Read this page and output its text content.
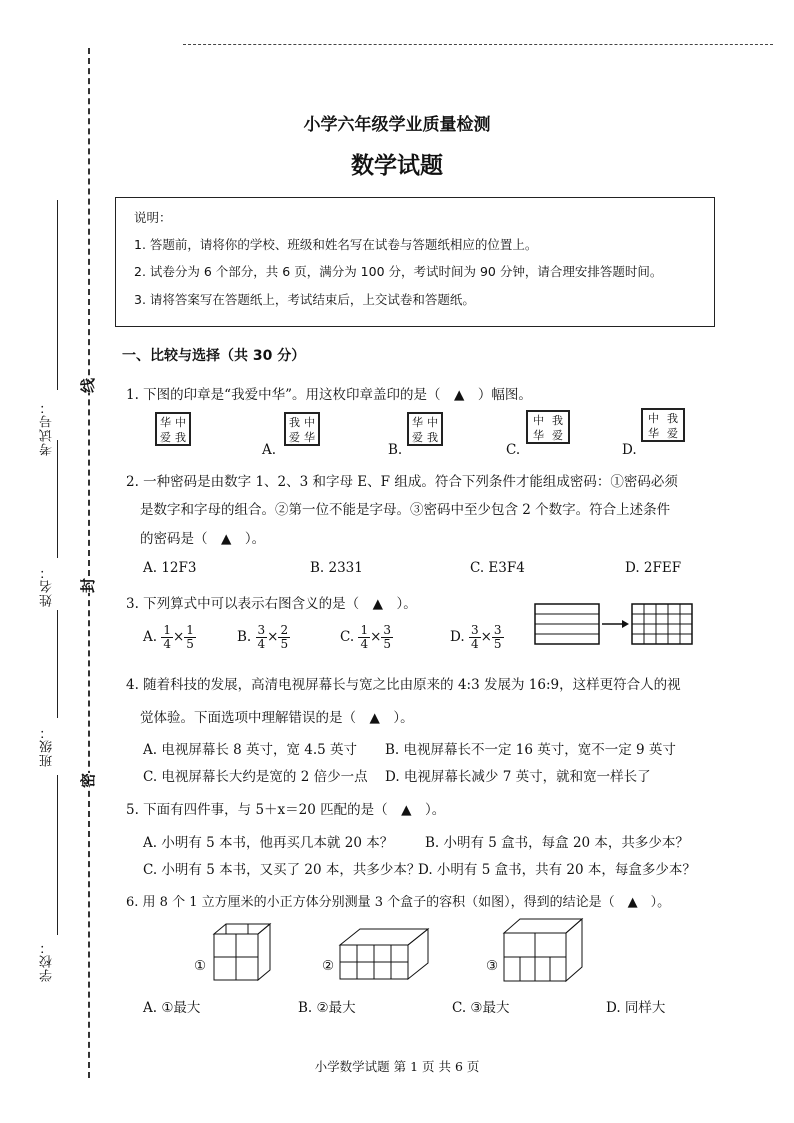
考试号：
姓名：
班级：
学校：
线
封
密
小学六年级学业质量检测
数学试题
说明：
1. 答题前，请将你的学校、班级和姓名写在试卷与答题纸相应的位置上。
2. 试卷分为 6 个部分，共 6 页，满分为 100 分，考试时间为 90 分钟，请合理安排答题时间。
3. 请将答案写在答题纸上，考试结束后，上交试卷和答题纸。
一、比较与选择（共 30 分）
1. 下图的印章是“我爱中华”。用这枚印章盖印的是（　▲　）幅图。
华 中
爱 我
A.
我 中
爱 华
B.
华 中
爱 我
C.
中 我
华 爱
D.
中 我
华 爱
2. 一种密码是由数字 1、2、3 和字母 E、F 组成。符合下列条件才能组成密码：①密码必须
是数字和字母的组合。②第一位不能是字母。③密码中至少包含 2 个数字。符合上述条件
的密码是（　▲　）。
A. 12F3	B. 2331	C. E3F4	D. 2FEF
3. 下列算式中可以表示右图含义的是（　▲　）。
A. $\frac{1}{4} \times \frac{1}{5}$	B. $\frac{3}{4} \times \frac{2}{5}$	C. $\frac{1}{4} \times \frac{3}{5}$	D. $\frac{3}{4} \times \frac{3}{5}$
4. 随着科技的发展，高清电视屏幕长与宽之比由原来的 4:3 发展为 16:9，这样更符合人的视
觉体验。下面选项中理解错误的是（　▲　）。
A. 电视屏幕长 8 英寸，宽 4.5 英寸 B. 电视屏幕长不一定 16 英寸，宽不一定 9 英寸
C. 电视屏幕长大约是宽的 2 倍少一点 D. 电视屏幕长减少 7 英寸，就和宽一样长了
5. 下面有四件事，与 5＋x＝20 匹配的是（　▲　）。
A. 小明有 5 本书，他再买几本就 20 本？ B. 小明有 5 盒书，每盒 20 本，共多少本？
C. 小明有 5 本书，又买了 20 本，共多少本？
D. 小明有 5 盒书，共有 20 本，每盒多少本？
6. 用 8 个 1 立方厘米的小正方体分别测量 3 个盒子的容积（如图），得到的结论是（　▲　）。
①	②	③
A. ①最大	B. ②最大	C. ③最大	D. 同样大
小学数学试题 第 1 页 共 6 页
